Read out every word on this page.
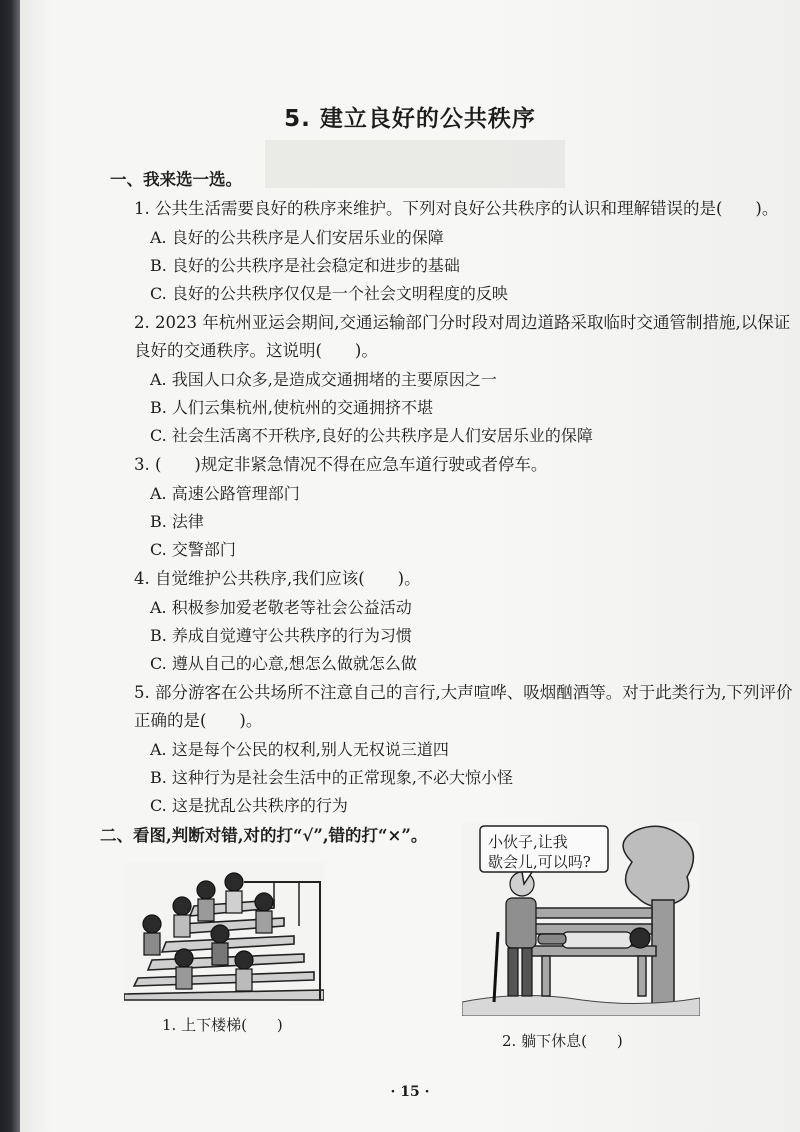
5. 建立良好的公共秩序
一、我来选一选。
1. 公共生活需要良好的秩序来维护。下列对良好公共秩序的认识和理解错误的是(　　)。
A. 良好的公共秩序是人们安居乐业的保障
B. 良好的公共秩序是社会稳定和进步的基础
C. 良好的公共秩序仅仅是一个社会文明程度的反映
2. 2023 年杭州亚运会期间,交通运输部门分时段对周边道路采取临时交通管制措施,以保证
良好的交通秩序。这说明(　　)。
A. 我国人口众多,是造成交通拥堵的主要原因之一
B. 人们云集杭州,使杭州的交通拥挤不堪
C. 社会生活离不开秩序,良好的公共秩序是人们安居乐业的保障
3. (　　)规定非紧急情况不得在应急车道行驶或者停车。
A. 高速公路管理部门
B. 法律
C. 交警部门
4. 自觉维护公共秩序,我们应该(　　)。
A. 积极参加爱老敬老等社会公益活动
B. 养成自觉遵守公共秩序的行为习惯
C. 遵从自己的心意,想怎么做就怎么做
5. 部分游客在公共场所不注意自己的言行,大声喧哗、吸烟酗酒等。对于此类行为,下列评价
正确的是(　　)。
A. 这是每个公民的权利,别人无权说三道四
B. 这种行为是社会生活中的正常现象,不必大惊小怪
C. 这是扰乱公共秩序的行为
二、看图,判断对错,对的打“√”,错的打“×”。
1. 上下楼梯(　　)
小伙子,让我
歇会儿,可以吗?
2. 躺下休息(　　)
· 15 ·
